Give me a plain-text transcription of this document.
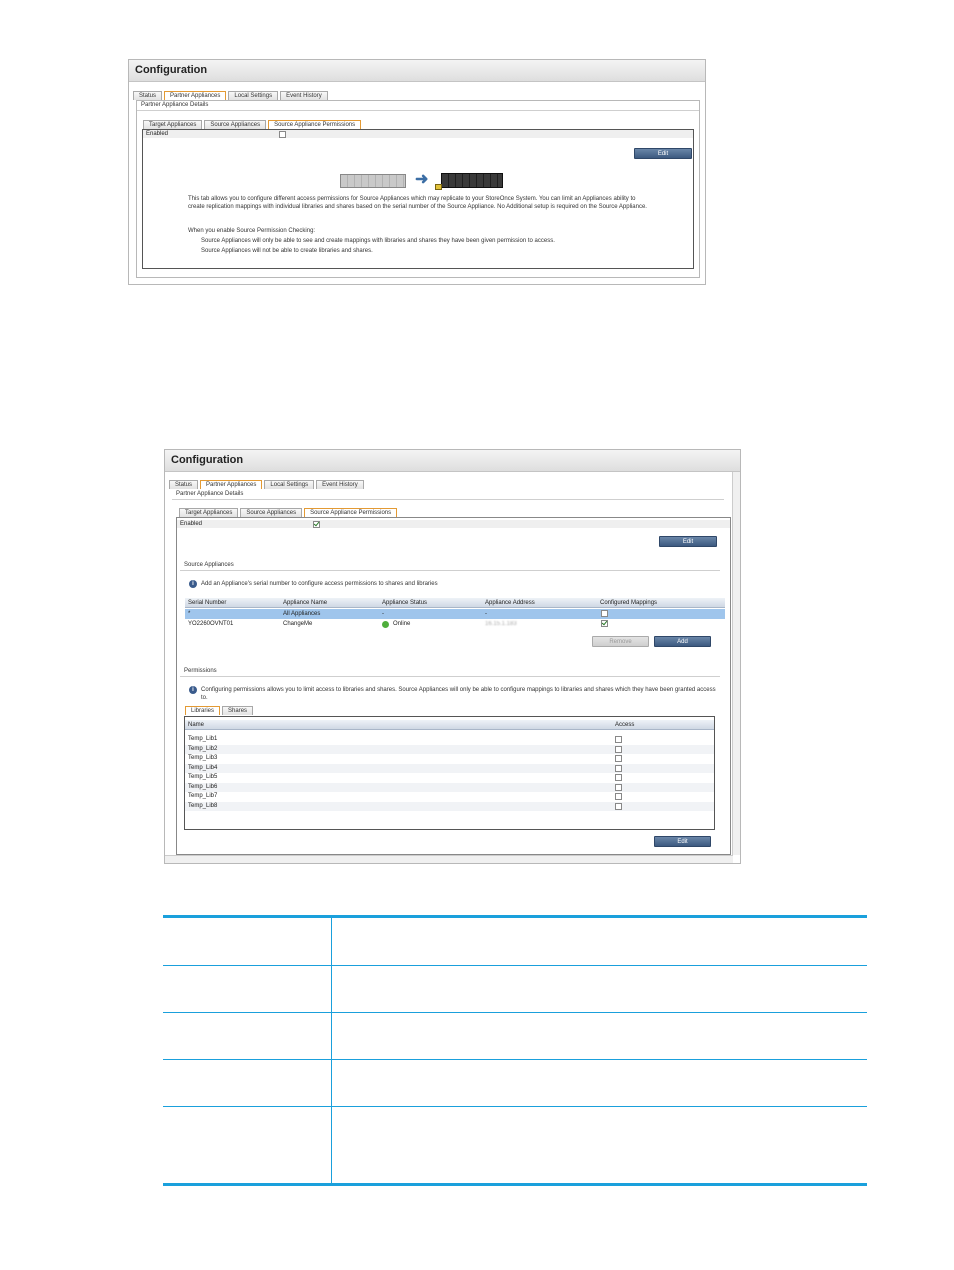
Configuration
Status	Partner Appliances	Local Settings	Event History
Partner Appliance Details
Target Appliances	Source Appliances	Source Appliance Permissions
Enabled
Edit
➜
This tab allows you to configure different access permissions for Source Appliances which may replicate to your StoreOnce System. You can limit an Appliances ability to create replication mappings with individual libraries and shares based on the serial number of the Source Appliance. No Additional setup is required on the Source Appliance.
When you enable Source Permission Checking:
Source Appliances will only be able to see and create mappings with libraries and shares they have been given permission to access.
Source Appliances will not be able to create libraries and shares.
Configuration
Status	Partner Appliances	Local Settings	Event History
Partner Appliance Details
Target Appliances	Source Appliances	Source Appliance Permissions
Enabled
Edit
Source Appliances
i	Add an Appliance's serial number to configure access permissions to shares and libraries
Serial Number	Appliance Name	Appliance Status	Appliance Address	Configured Mappings
*	All Appliances	-	-
YO2260OVNT01	ChangeMe	Online	16.15.1.183
Remove	Add
Permissions
i	Configuring permissions allows you to limit access to libraries and shares. Source Appliances will only be able to configure mappings to libraries and shares which they have been granted access to.
Libraries	Shares
Name	Access
Temp_Lib1
Temp_Lib2
Temp_Lib3
Temp_Lib4
Temp_Lib5
Temp_Lib6
Temp_Lib7
Temp_Lib8
Edit
